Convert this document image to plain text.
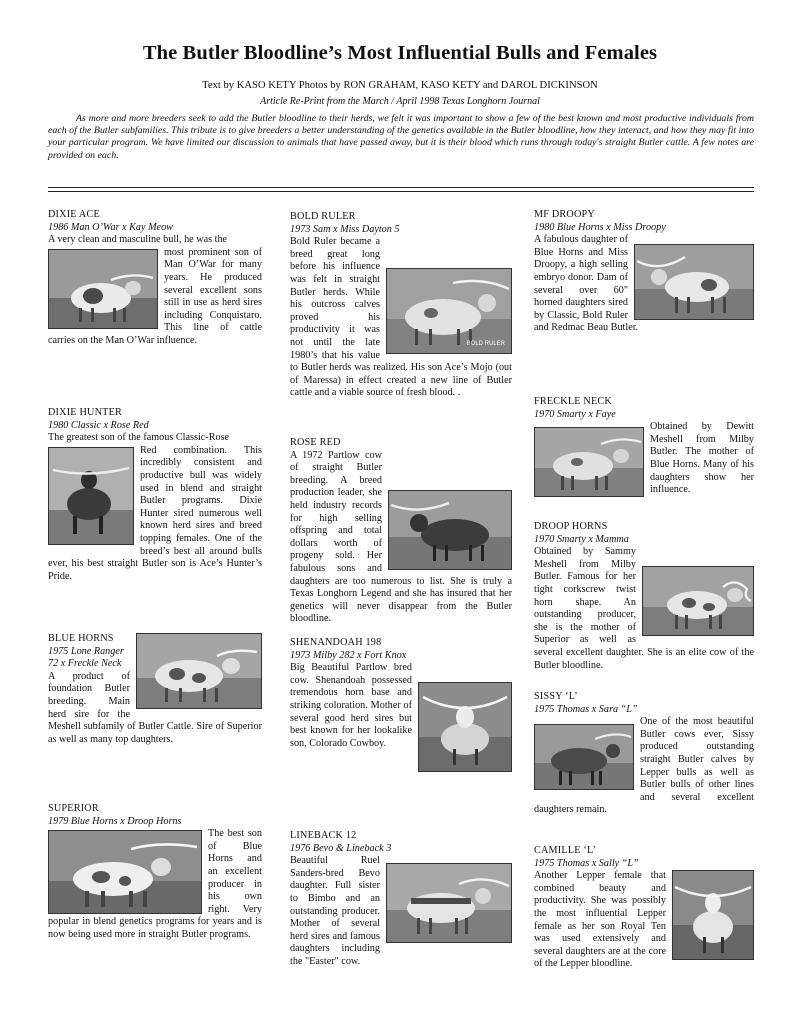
The Butler Bloodline’s Most Influential Bulls and Females
Text by KASO KETY Photos by RON GRAHAM, KASO KETY and DAROL DICKINSON
Article Re-Print from the March / April 1998 Texas Longhorn Journal
As more and more breeders seek to add the Butler bloodline to their herds, we felt it was important to show a few of the best known and most productive individuals from each of the Butler subfamilies. This tribute is to give breeders a better understanding of the genetics available in the Butler bloodline, how they interact, and how they may fit into your particular program. We have limited our discussion to animals that have passed away, but it is their blood which runs through today's straight Butler cattle. A few notes are provided on each.
DIXIE ACE
1986 Man O’War x Kay Meow
A very clean and masculine bull, he was the
most prominent son of Man O’War for many years. He produced several excellent sons still in use as herd sires including Conquistaro. This line of cattle carries on the Man O’War influence.
DIXIE HUNTER
1980 Classic x Rose Red
The greatest son of the famous Classic-Rose
Red combination. This incredibly consistent and productive bull was widely used in blend and straight Butler programs. Dixie Hunter sired numerous well known herd sires and breed topping females. One of the breed’s best all around bulls ever, his best straight Butler son is Ace’s Hunter’s Pride.
BLUE HORNS
1975 Lone Ranger 72 x Freckle Neck
A product of foundation Butler breeding. Main herd sire for the Meshell subfamily of Butler Cattle. Sire of Superior as well as many top daughters.
SUPERIOR
1979 Blue Horns x Droop Horns
The best son of Blue Horns and an excellent producer in his own right. Very popular in blend genetics programs for years and is now being used more in straight Butler programs.
BOLD RULER
1973 Sam x Miss Dayton 5
BOLD RULER
Bold Ruler became a breed great long before his influence was felt in straight Butler herds. While his outcross calves proved his productivity it was not until the late 1980’s that his value to Butler herds was realized. His son Ace’s Mojo (out of Maressa) in effect created a new line of Butler cattle and a viable source of fresh blood. .
ROSE RED
A 1972 Partlow cow of straight Butler breeding. A breed production leader, she held industry records for high selling offspring and total dollars worth of progeny sold. Her fabulous sons and daughters are too numerous to list. She is truly a Texas Longhorn Legend and she has insured that her genetics will never disappear from the Butler bloodline.
SHENANDOAH 198
1973 Milby 282 x Fort Knox
Big Beautiful Partlow bred cow. Shenandoah possessed tremendous horn base and striking coloration. Mother of several good herd sires but best known for her lookalike son, Colorado Cowboy.
LINEBACK 12
1976 Bevo & Lineback 3
Beautiful Ruel Sanders-bred Bevo daughter. Full sister to Bimbo and an outstanding producer. Mother of several herd sires and famous daughters including the "Easter" cow.
MF DROOPY
1980 Blue Horns x Miss Droopy
A fabulous daughter of Blue Horns and Miss Droopy, a high selling embryo donor. Dam of several over 60" horned daughters sired by Classic, Bold Ruler and Redmac Beau Butler.
FRECKLE NECK
1970 Smarty x Faye
Obtained by Dewitt Meshell from Milby Butler. The mother of Blue Horns. Many of his daughters show her influence.
DROOP HORNS
1970 Smarty x Mamma
Obtained by Sammy Meshell from Milby Butler. Famous for her tight corkscrew twist horn shape. An outstanding producer, she is the mother of Superior as well as several excellent daughter. She is an elite cow of the Butler bloodline.
SISSY ‘L’
1975 Thomas x Sara “L”
One of the most beautiful Butler cows ever, Sissy produced outstanding straight Butler calves by Lepper bulls as well as Butler bulls of other lines and several excellent daughters remain.
CAMILLE ‘L’
1975 Thomas x Sally “L”
Another Lepper female that combined beauty and productivity. She was possibly the most influential Lepper female as her son Royal Ten was used extensively and several daughters are at the core of the Lepper bloodline.
